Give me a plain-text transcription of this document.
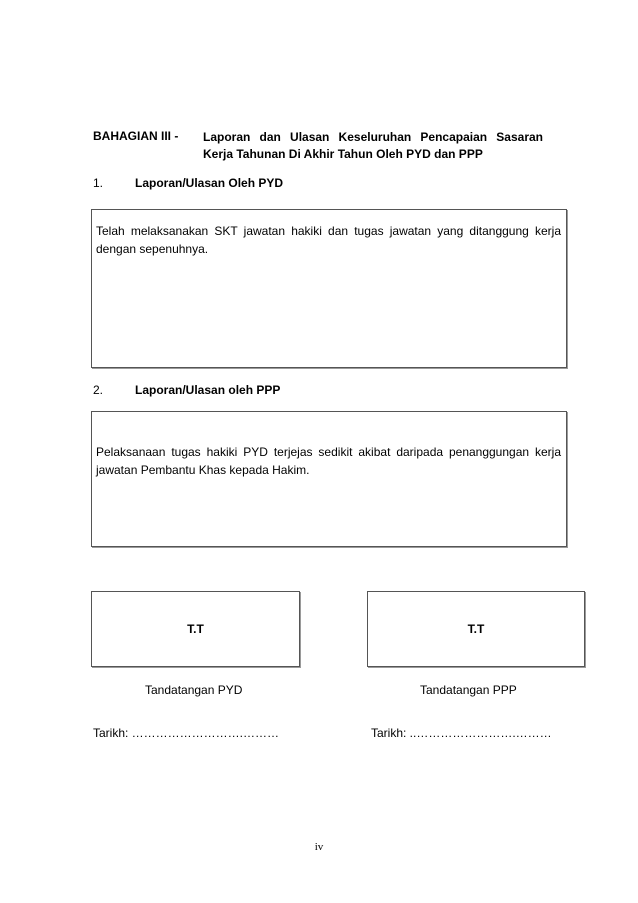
BAHAGIAN III - Laporan dan Ulasan Keseluruhan Pencapaian Sasaran
Kerja Tahunan Di Akhir Tahun Oleh PYD dan PPP
1.	Laporan/Ulasan Oleh PYD
Telah melaksanakan SKT jawatan hakiki dan tugas jawatan yang ditanggung kerja dengan sepenuhnya.
2.	Laporan/Ulasan oleh PPP
Pelaksanaan tugas hakiki PYD terjejas sedikit akibat daripada penanggungan kerja jawatan Pembantu Khas kepada Hakim.
T.T	T.T
Tandatangan PYD	Tandatangan PPP
Tarikh: ……………………….………	Tarikh: ..…………………….………
iv
